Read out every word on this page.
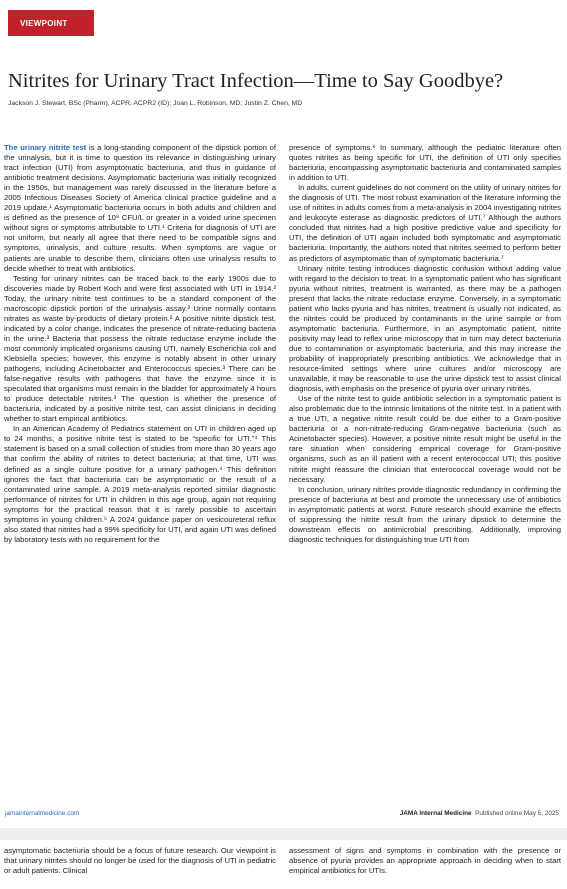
VIEWPOINT
Nitrites for Urinary Tract Infection—Time to Say Goodbye?
Jackson J. Stewart, BSc (Pharm), ACPR, ACPR2 (ID); Joan L. Robinson, MD; Justin Z. Chen, MD

The urinary nitrite test is a long-standing component of the dipstick portion of the urinalysis, but it is time to question its relevance in distinguishing urinary tract infection (UTI) from asymptomatic bacteriuria, and thus in guidance of antibiotic treatment decisions. Asymptomatic bacteriuria was initially recognized in the 1950s, but management was rarely discussed in the literature before a 2005 Infectious Diseases Society of America clinical practice guideline and a 2019 update.¹ Asymptomatic bacteriuria occurs in both adults and children and is defined as the presence of 10⁸ CFU/L or greater in a voided urine specimen without signs or symptoms attributable to UTI.¹ Criteria for diagnosis of UTI are not uniform, but nearly all agree that there need to be compatible signs and symptoms, urinalysis, and culture results. When symptoms are vague or patients are unable to describe them, clinicians often use urinalysis results to decide whether to treat with antibiotics.

Testing for urinary nitrites can be traced back to the early 1900s due to discoveries made by Robert Koch and were first associated with UTI in 1914.² Today, the urinary nitrite test continues to be a standard component of the macroscopic dipstick portion of the urinalysis assay.³ Urine normally contains nitrates as waste by-products of dietary protein.² A positive nitrite dipstick test, indicated by a color change, indicates the presence of nitrate-reducing bacteria in the urine.³ Bacteria that possess the nitrate reductase enzyme include the most commonly implicated organisms causing UTI, namely Escherichia coli and Klebsiella species; however, this enzyme is notably absent in other urinary pathogens, including Acinetobacter and Enterococcus species.³ There can be false-negative results with pathogens that have the enzyme since it is speculated that organisms must remain in the bladder for approximately 4 hours to produce detectable nitrites.³ The question is whether the presence of bacteriuria, indicated by a positive nitrite test, can assist clinicians in deciding whether to start empirical antibiotics.

In an American Academy of Pediatrics statement on UTI in children aged up to 24 months, a positive nitrite test is stated to be “specific for UTI.”⁴ This statement is based on a small collection of studies from more than 30 years ago that confirm the ability of nitrites to detect bacteriuria; at that time, UTI was defined as a single culture positive for a urinary pathogen.⁴ This definition ignores the fact that bacteriuria can be asymptomatic or the result of a contaminated urine sample. A 2019 meta-analysis reported similar diagnostic performance of nitrites for UTI in children in this age group, again not requiring symptoms for the practical reason that it is rarely possible to ascertain symptoms in young children.⁵ A 2024 guidance paper on vesicoureteral reflux also stated that nitrites had a 99% specificity for UTI, and again UTI was defined by laboratory tests with no requirement for the

presence of symptoms.⁶ In summary, although the pediatric literature often quotes nitrites as being specific for UTI, the definition of UTI only specifies bacteriuria, encompassing asymptomatic bacteriuria and contaminated samples in addition to UTI.

In adults, current guidelines do not comment on the utility of urinary nitrites for the diagnosis of UTI. The most robust examination of the literature informing the use of nitrites in adults comes from a meta-analysis in 2004 investigating nitrites and leukocyte esterase as diagnostic predictors of UTI.⁷ Although the authors concluded that nitrites had a high positive predictive value and specificity for UTI, the definition of UTI again included both symptomatic and asymptomatic bacteriuria. Importantly, the authors noted that nitrites seemed to perform better as predictors of asymptomatic than of symptomatic bacteriuria.⁷

Urinary nitrite testing introduces diagnostic confusion without adding value with regard to the decision to treat. In a symptomatic patient who has significant pyuria without nitrites, treatment is warranted, as there may be a pathogen present that lacks the nitrate reductase enzyme. Conversely, in a symptomatic patient who lacks pyuria and has nitrites, treatment is usually not indicated, as the nitrites could be produced by contaminants in the urine sample or from asymptomatic bacteriuria. Furthermore, in an asymptomatic patient, nitrite positivity may lead to reflex urine microscopy that in turn may detect bacteriuria due to contamination or asymptomatic bacteriuria, and this may increase the probability of inappropriately prescribing antibiotics. We acknowledge that in resource-limited settings where urine cultures and/or microscopy are unavailable, it may be reasonable to use the urine dipstick test to assist clinical diagnosis, with emphasis on the presence of pyuria over urinary nitrites.

Use of the nitrite test to guide antibiotic selection in a symptomatic patient is also problematic due to the intrinsic limitations of the nitrite test. In a patient with a true UTI, a negative nitrite result could be due either to a Gram-positive bacteriuria or a non-nitrate-reducing Gram-negative bacteriuria (such as Acinetobacter species). However, a positive nitrite result might be useful in the rare situation when considering empirical coverage for Gram-positive organisms, such as an ill patient with a recent enterococcal UTI; this positive nitrite might reassure the clinician that enterococcal coverage would not be necessary.

In conclusion, urinary nitrites provide diagnostic redundancy in confirming the presence of bacteriuria at best and promote the unnecessary use of antibiotics in asymptomatic patients at worst. Future research should examine the effects of suppressing the nitrite result from the urinary dipstick to determine the downstream effects on antimicrobial prescribing. Additionally, improving diagnostic techniques for distinguishing true UTI from

jamainternalmedicine.com	JAMA Internal Medicine Published online May 5, 2025
asymptomatic bacteriuria should be a focus of future research. Our viewpoint is that urinary nitrites should no longer be used for the diagnosis of UTI in pediatric or adult patients. Clinical
assessment of signs and symptoms in combination with the presence or absence of pyuria provides an appropriate approach in deciding when to start empirical antibiotics for UTIs.
